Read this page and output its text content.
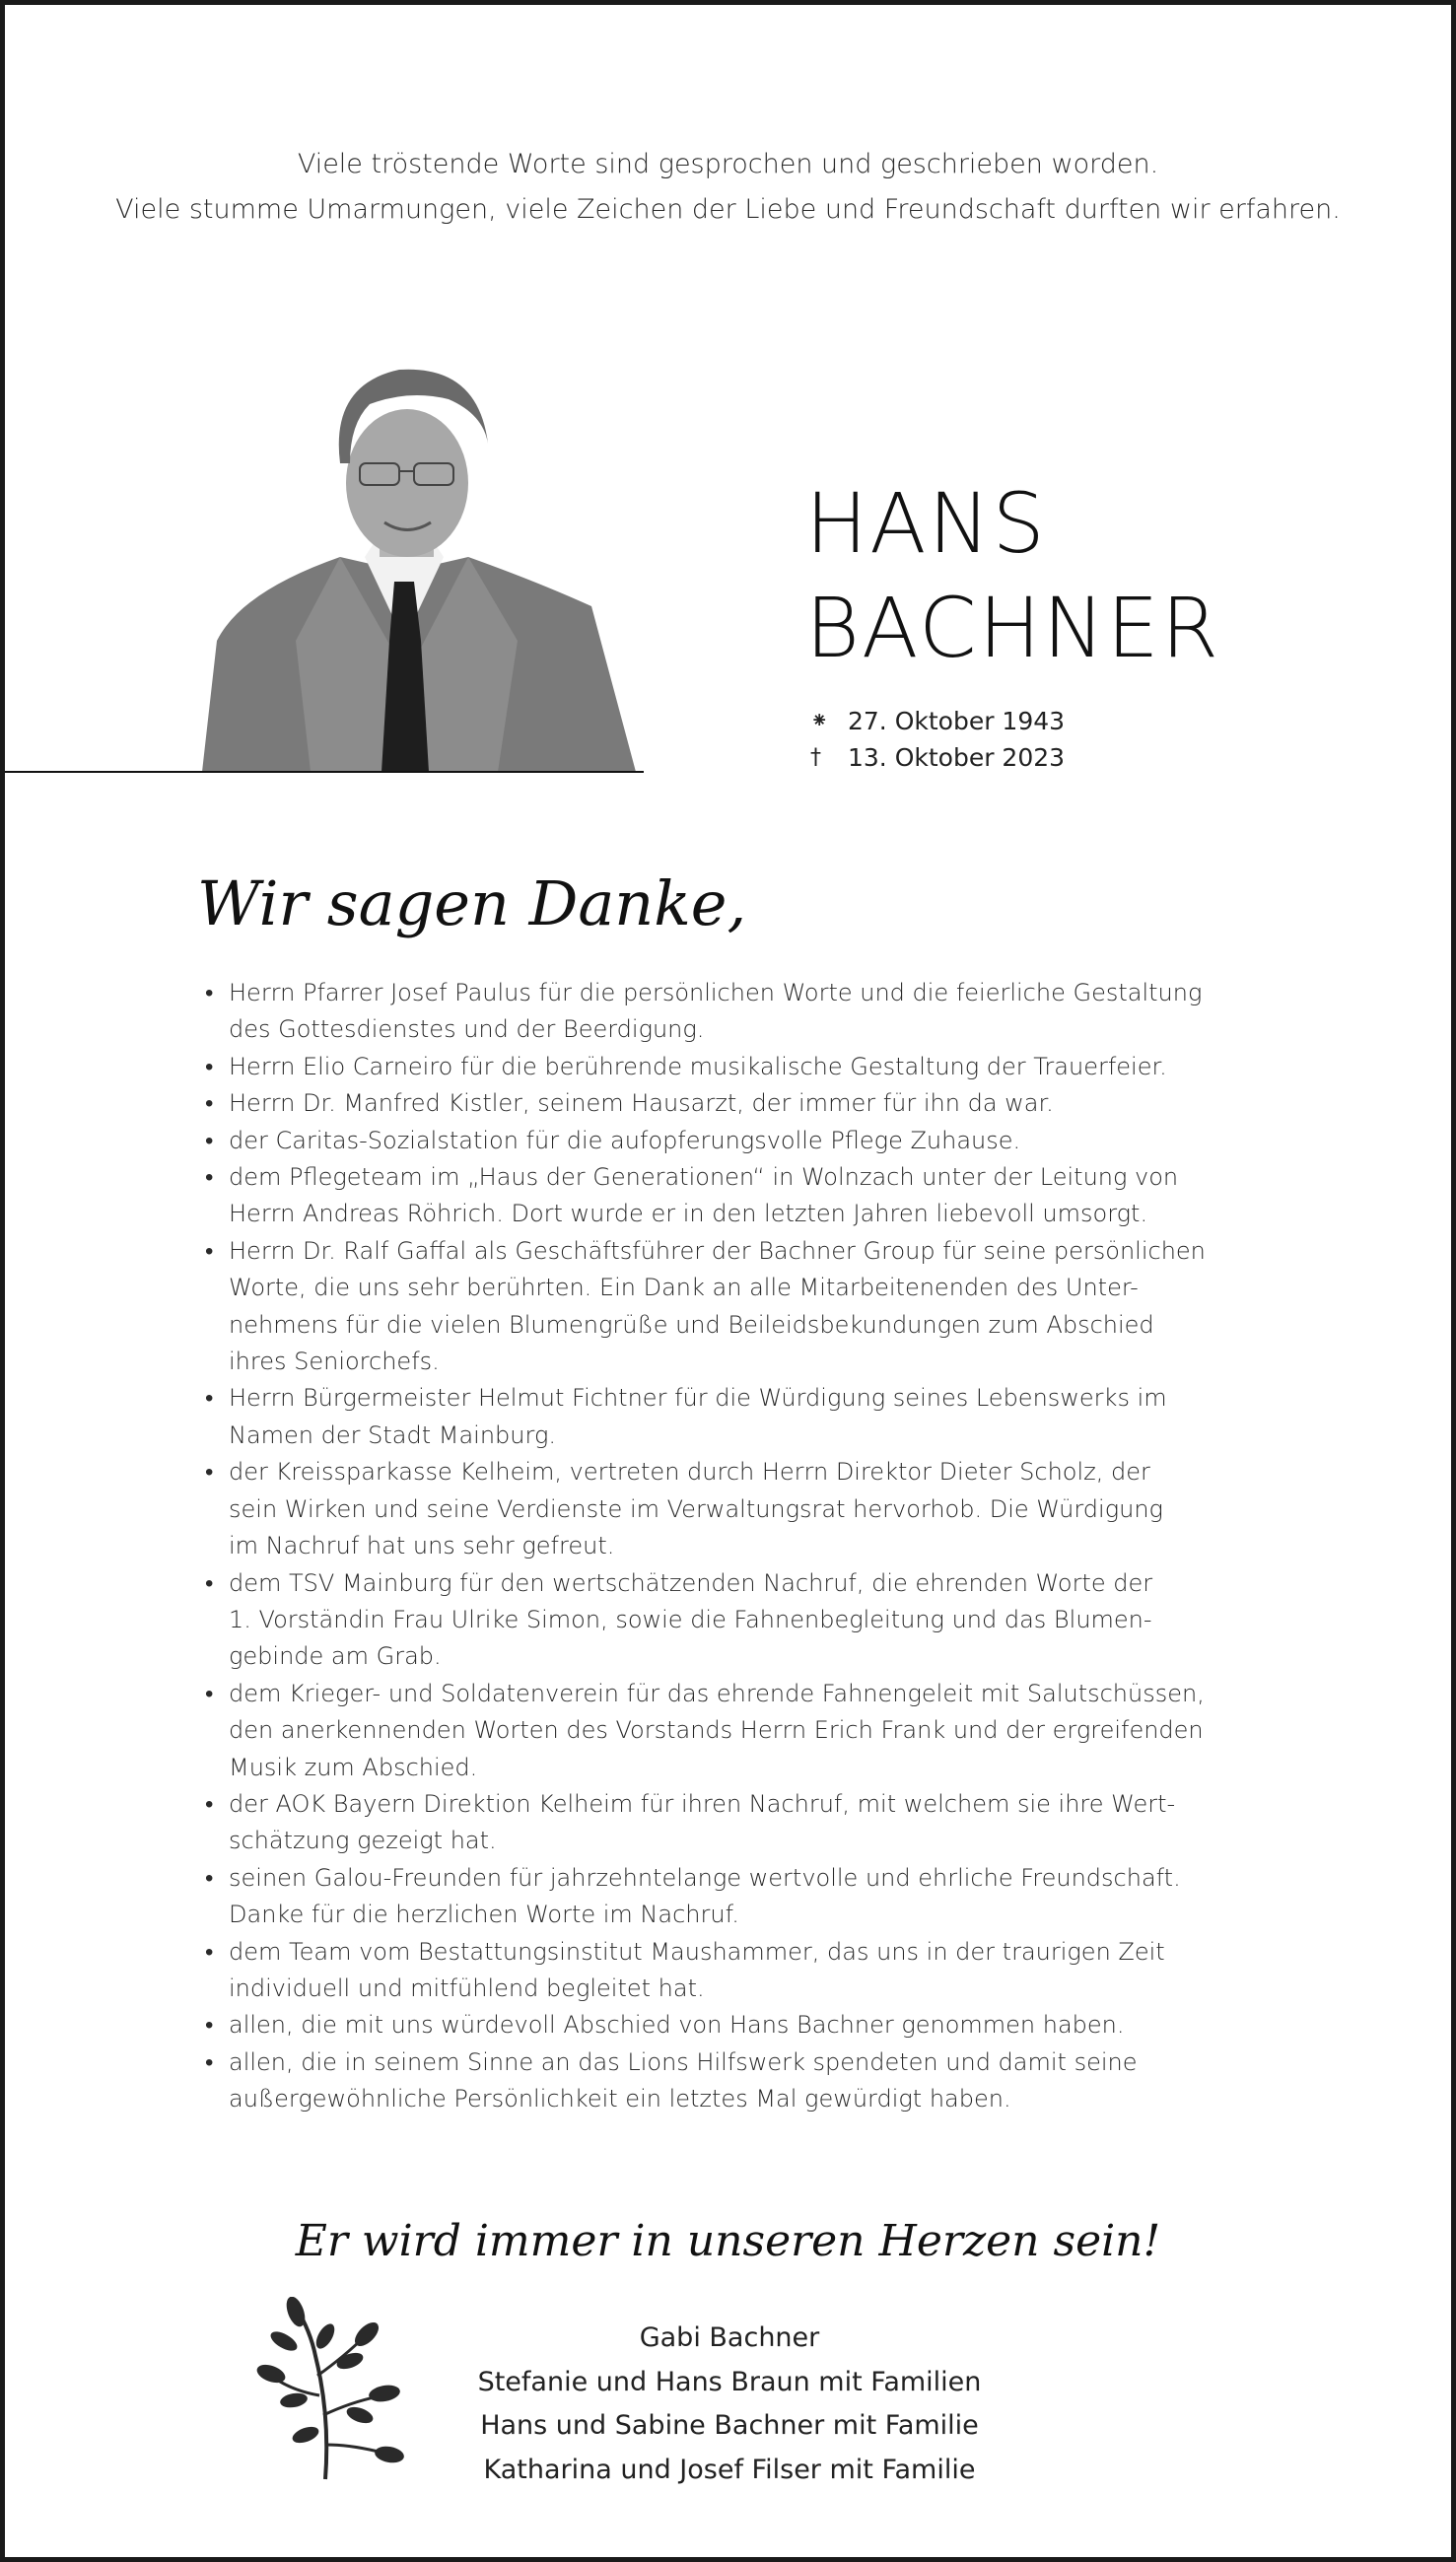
Viele tröstende Worte sind gesprochen und geschrieben worden.
Viele stumme Umarmungen, viele Zeichen der Liebe und Freundschaft durften wir erfahren.
HANS
BACHNER
⁕ 27. Oktober 1943
†	13. Oktober 2023
Wir sagen Danke,
• Herrn Pfarrer Josef Paulus für die persönlichen Worte und die feierliche Gestaltung
des Gottesdienstes und der Beerdigung.
• Herrn Elio Carneiro für die berührende musikalische Gestaltung der Trauerfeier.
• Herrn Dr. Manfred Kistler, seinem Hausarzt, der immer für ihn da war.
• der Caritas-Sozialstation für die aufopferungsvolle Pflege Zuhause.
• dem Pflegeteam im „Haus der Generationen“ in Wolnzach unter der Leitung von
Herrn Andreas Röhrich. Dort wurde er in den letzten Jahren liebevoll umsorgt.
• Herrn Dr. Ralf Gaffal als Geschäftsführer der Bachner Group für seine persönlichen
Worte, die uns sehr berührten. Ein Dank an alle Mitarbeitenenden des Unter-
nehmens für die vielen Blumengrüße und Beileidsbekundungen zum Abschied
ihres Seniorchefs.
• Herrn Bürgermeister Helmut Fichtner für die Würdigung seines Lebenswerks im
Namen der Stadt Mainburg.
• der Kreissparkasse Kelheim, vertreten durch Herrn Direktor Dieter Scholz, der
sein Wirken und seine Verdienste im Verwaltungsrat hervorhob. Die Würdigung
im Nachruf hat uns sehr gefreut.
• dem TSV Mainburg für den wertschätzenden Nachruf, die ehrenden Worte der
1. Vorständin Frau Ulrike Simon, sowie die Fahnenbegleitung und das Blumen-
gebinde am Grab.
• dem Krieger- und Soldatenverein für das ehrende Fahnengeleit mit Salutschüssen,
den anerkennenden Worten des Vorstands Herrn Erich Frank und der ergreifenden
Musik zum Abschied.
• der AOK Bayern Direktion Kelheim für ihren Nachruf, mit welchem sie ihre Wert-
schätzung gezeigt hat.
• seinen Galou-Freunden für jahrzehntelange wertvolle und ehrliche Freundschaft.
Danke für die herzlichen Worte im Nachruf.
• dem Team vom Bestattungsinstitut Maushammer, das uns in der traurigen Zeit
individuell und mitfühlend begleitet hat.
• allen, die mit uns würdevoll Abschied von Hans Bachner genommen haben.
• allen, die in seinem Sinne an das Lions Hilfswerk spendeten und damit seine
außergewöhnliche Persönlichkeit ein letztes Mal gewürdigt haben.
Er wird immer in unseren Herzen sein!
Gabi Bachner
Stefanie und Hans Braun mit Familien
Hans und Sabine Bachner mit Familie
Katharina und Josef Filser mit Familie
